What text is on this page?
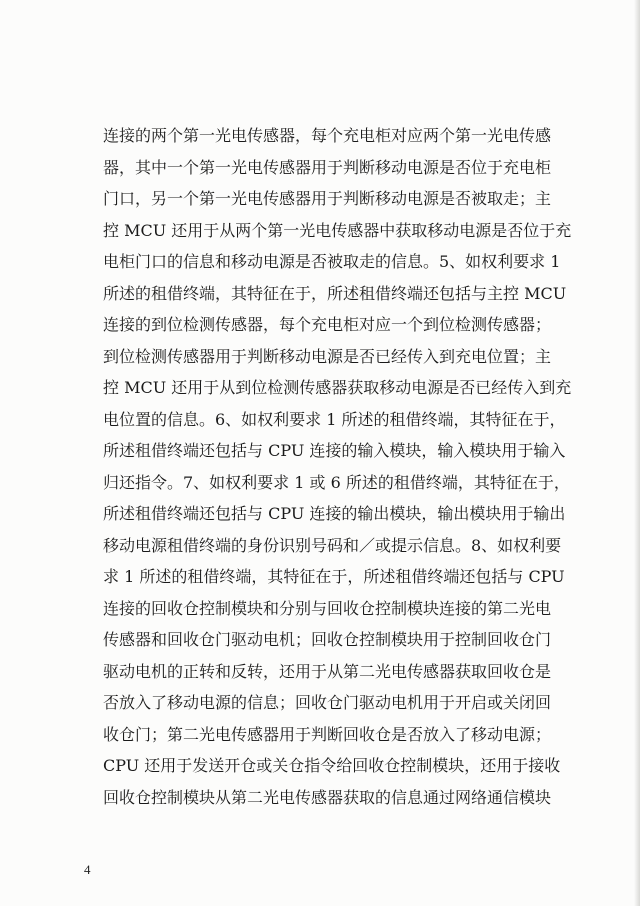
连接的两个第一光电传感器，每个充电柜对应两个第一光电传感
器，其中一个第一光电传感器用于判断移动电源是否位于充电柜
门口，另一个第一光电传感器用于判断移动电源是否被取走；主
控 MCU 还用于从两个第一光电传感器中获取移动电源是否位于充
电柜门口的信息和移动电源是否被取走的信息。5、如权利要求 1
所述的租借终端，其特征在于，所述租借终端还包括与主控 MCU
连接的到位检测传感器，每个充电柜对应一个到位检测传感器；
到位检测传感器用于判断移动电源是否已经传入到充电位置；主
控 MCU 还用于从到位检测传感器获取移动电源是否已经传入到充
电位置的信息。6、如权利要求 1 所述的租借终端，其特征在于，
所述租借终端还包括与 CPU 连接的输入模块，输入模块用于输入
归还指令。7、如权利要求 1 或 6 所述的租借终端，其特征在于，
所述租借终端还包括与 CPU 连接的输出模块，输出模块用于输出
移动电源租借终端的身份识别号码和／或提示信息。8、如权利要
求 1 所述的租借终端，其特征在于，所述租借终端还包括与 CPU
连接的回收仓控制模块和分别与回收仓控制模块连接的第二光电
传感器和回收仓门驱动电机；回收仓控制模块用于控制回收仓门
驱动电机的正转和反转，还用于从第二光电传感器获取回收仓是
否放入了移动电源的信息；回收仓门驱动电机用于开启或关闭回
收仓门；第二光电传感器用于判断回收仓是否放入了移动电源；
CPU 还用于发送开仓或关仓指令给回收仓控制模块，还用于接收
回收仓控制模块从第二光电传感器获取的信息通过网络通信模块
4
